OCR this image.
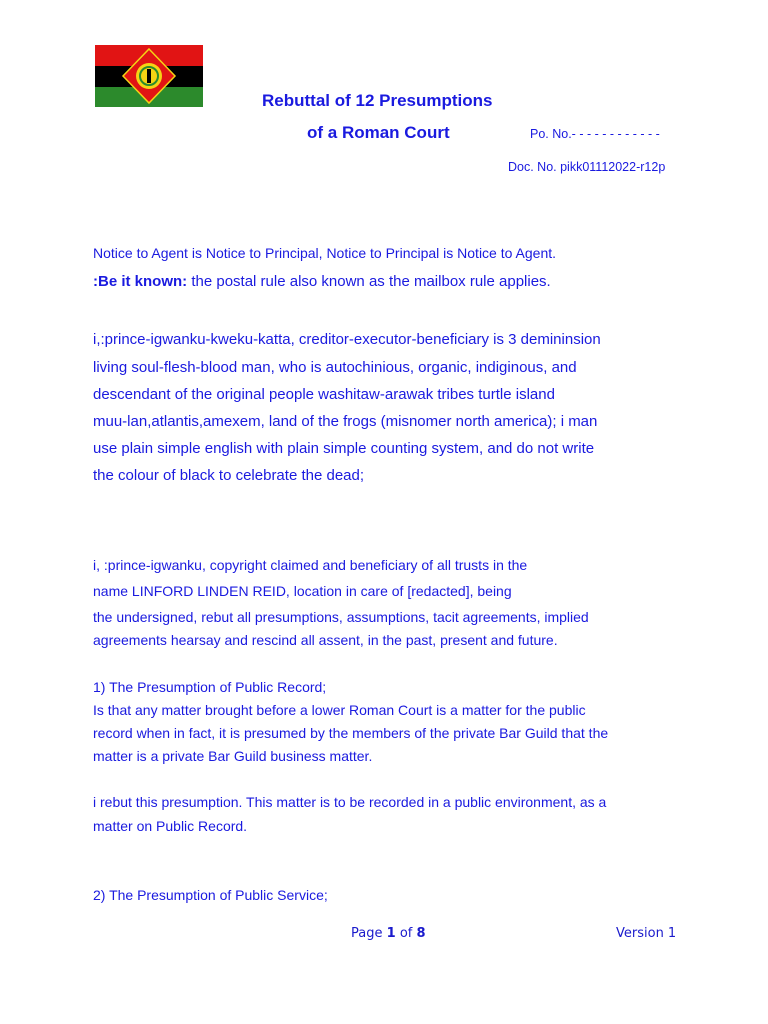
Rebuttal of 12 Presumptions
of a Roman Court	Po. No.- - - - - - - - - - - -
Doc. No. pikk01112022-r12p
Notice to Agent is Notice to Principal, Notice to Principal is Notice to Agent.
:Be it known: the postal rule also known as the mailbox rule applies.
i,:prince-igwanku-kweku-katta, creditor-executor-beneficiary is 3 demininsion
living soul-flesh-blood man, who is autochinious, organic, indiginous, and
descendant of the original people washitaw-arawak tribes turtle island
muu-lan,atlantis,amexem, land of the frogs (misnomer north america); i man
use plain simple english with plain simple counting system, and do not write
the colour of black to celebrate the dead;
i, :prince-igwanku, copyright claimed and beneficiary of all trusts in the
name LINFORD LINDEN REID, location in care of [redacted], being
the undersigned, rebut all presumptions, assumptions, tacit agreements, implied
agreements hearsay and rescind all assent, in the past, present and future.
1) The Presumption of Public Record;
Is that any matter brought before a lower Roman Court is a matter for the public
record when in fact, it is presumed by the members of the private Bar Guild that the
matter is a private Bar Guild business matter.
i rebut this presumption. This matter is to be recorded in a public environment, as a
matter on Public Record.
2) The Presumption of Public Service;
Page 1 of 8	Version 1
